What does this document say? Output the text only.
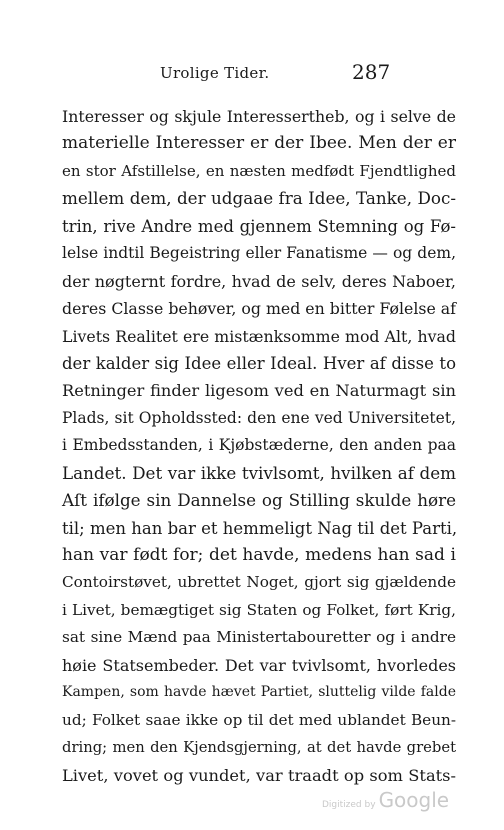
Urolige Tider.	287
Interesser og skjule Interessertheb, og i selve de
materielle Interesser er der Ibee. Men der er
en stor Afstillelse, en næsten medfødt Fjendtlighed
mellem dem, der udgaae fra Idee, Tanke, Doc-
trin, rive Andre med gjennem Stemning og Fø-
lelse indtil Begeistring eller Fanatisme — og dem,
der nøgternt fordre, hvad de selv, deres Naboer,
deres Classe behøver, og med en bitter Følelse af
Livets Realitet ere mistænksomme mod Alt, hvad
der kalder sig Idee eller Ideal. Hver af disse to
Retninger finder ligesom ved en Naturmagt sin
Plads, sit Opholdssted: den ene ved Universitetet,
i Embedsstanden, i Kjøbstæderne, den anden paa
Landet. Det var ikke tvivlsomt, hvilken af dem
Aſt ifølge sin Dannelse og Stilling skulde høre
til; men han bar et hemmeligt Nag til det Parti,
han var født for; det havde, medens han sad i
Contoirstøvet, ubrettet Noget, gjort sig gjældende
i Livet, bemægtiget sig Staten og Folket, ført Krig,
sat sine Mænd paa Ministertabouretter og i andre
høie Statsembeder. Det var tvivlsomt, hvorledes
Kampen, som havde hævet Partiet, sluttelig vilde falde
ud; Folket saae ikke op til det med ublandet Beun-
dring; men den Kjendsgjerning, at det havde grebet
Livet, vovet og vundet, var traadt op som Stats-
Digitized by Google
